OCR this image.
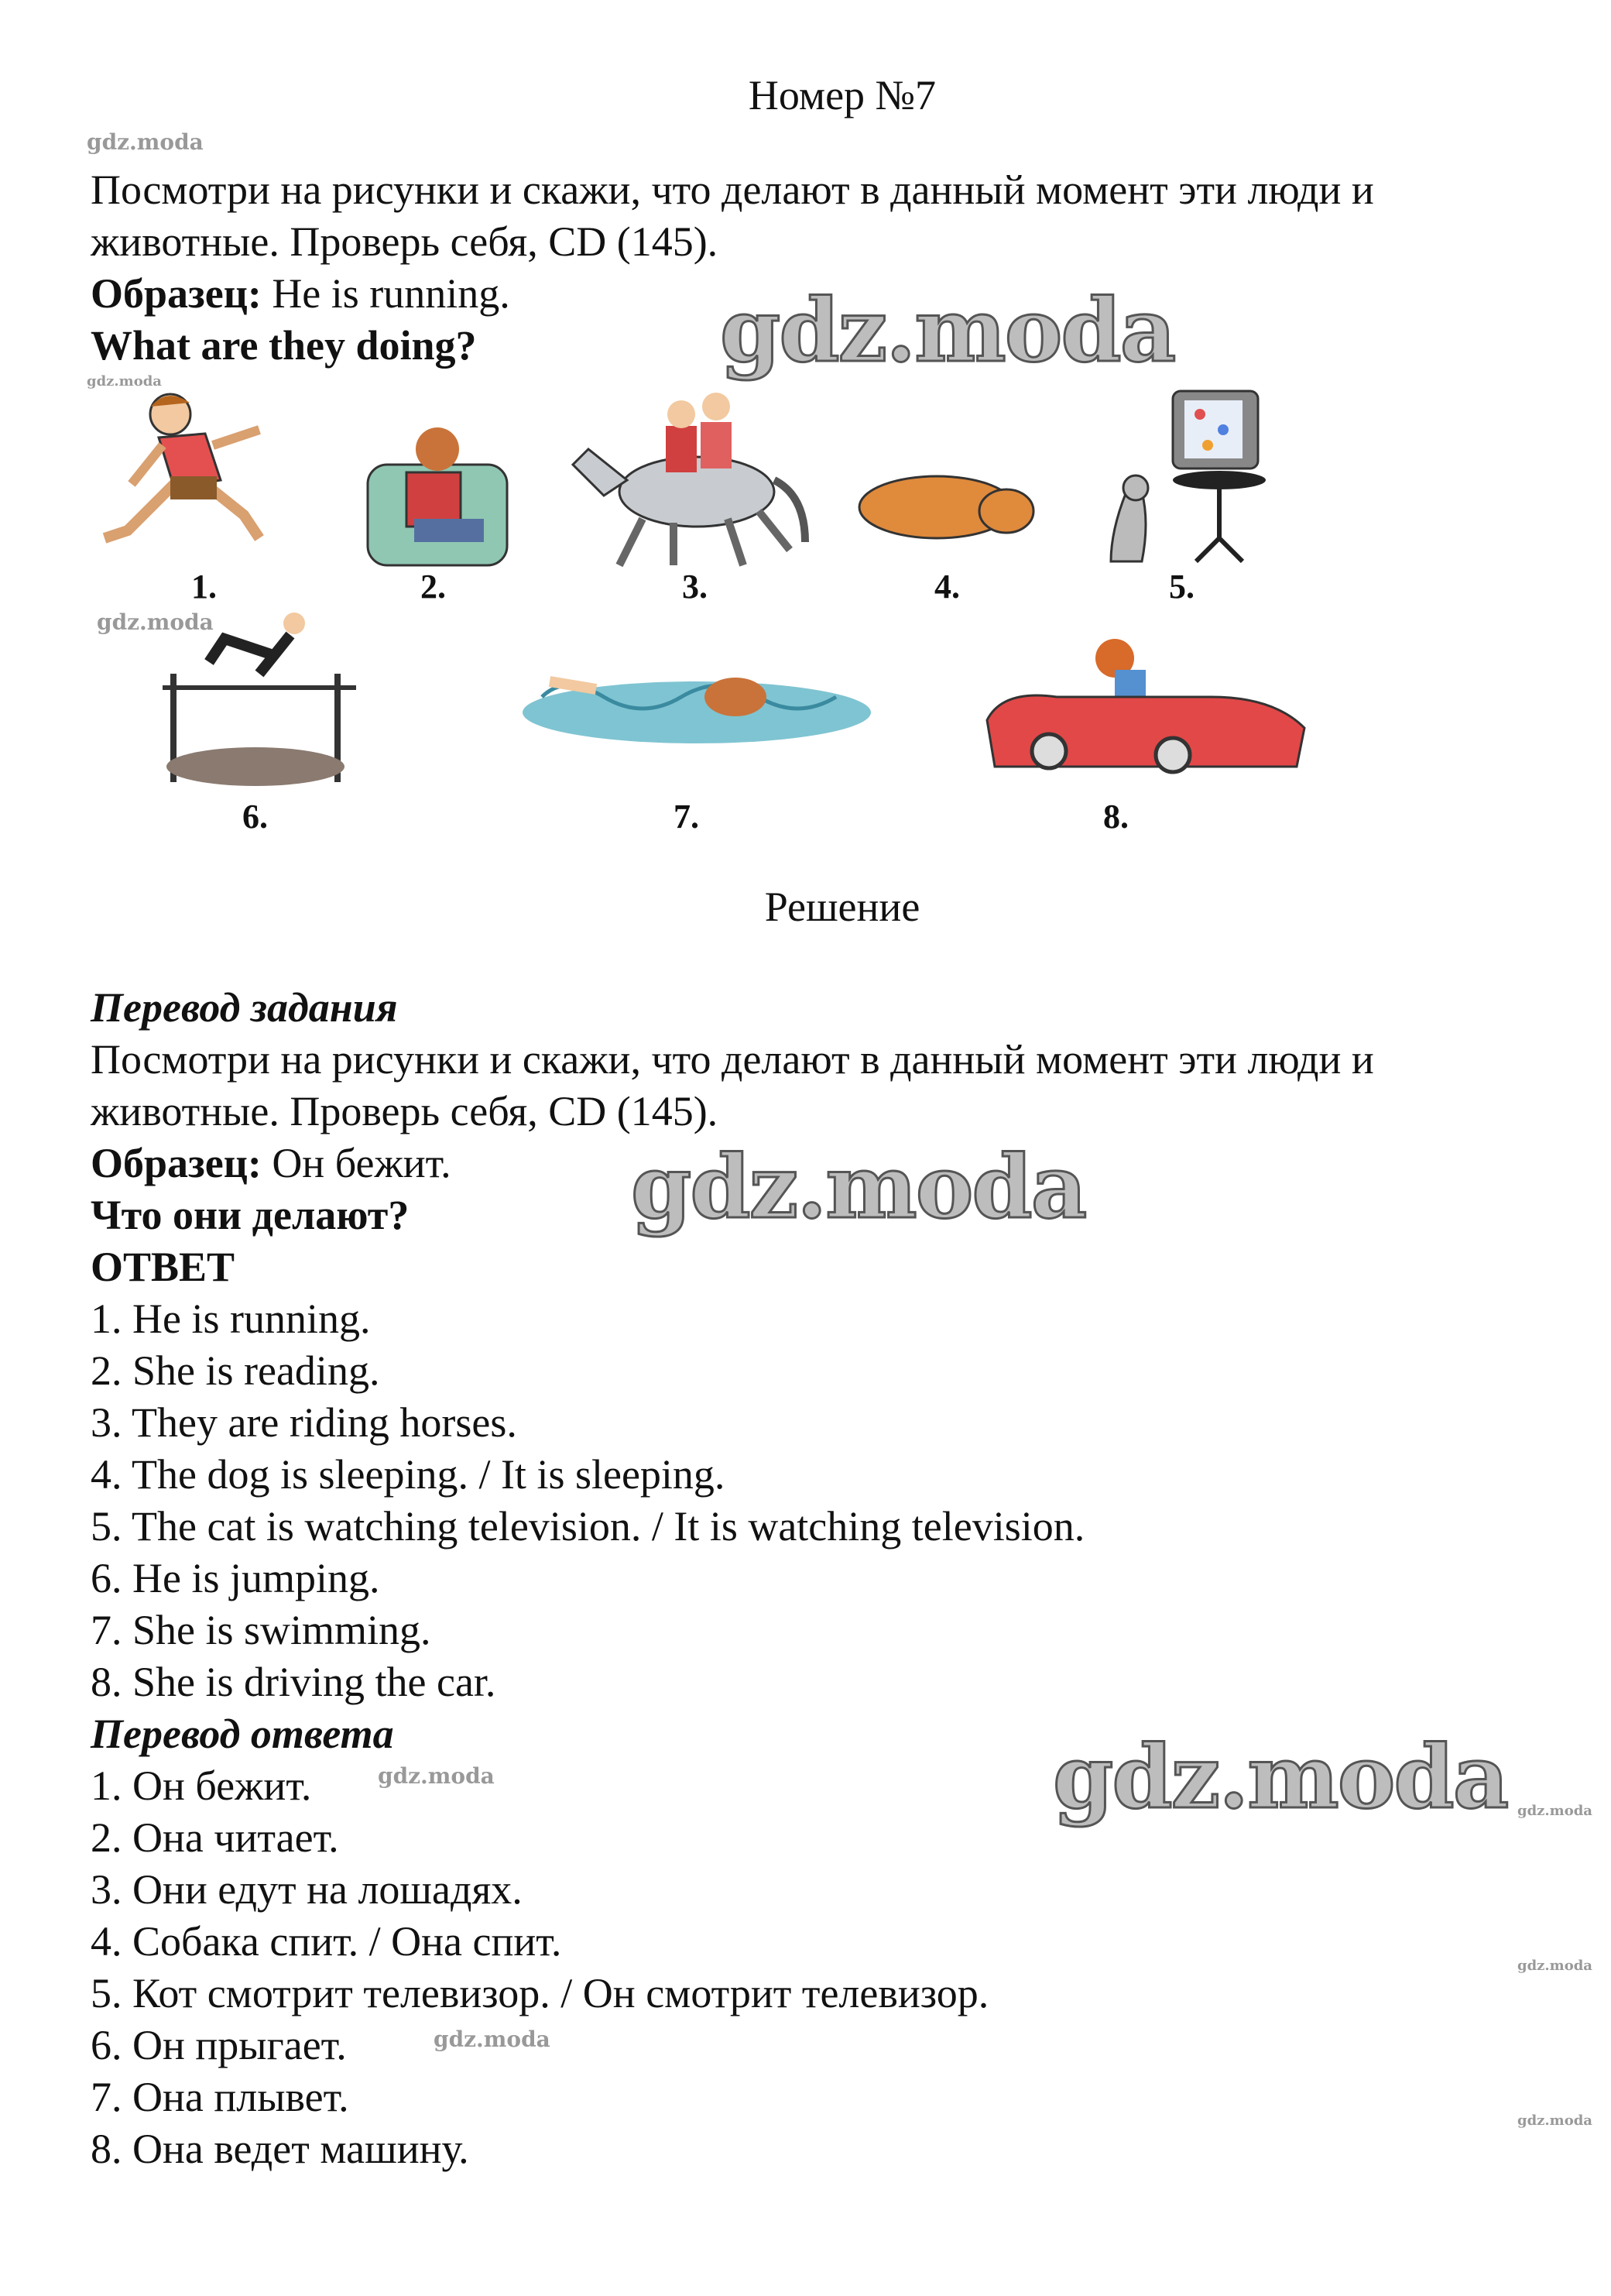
Номер №7
Посмотри на рисунки и скажи, что делают в данный момент эти люди и
животные. Проверь себя, CD (145).
Образец: He is running.
What are they doing?
1.	2.	3.	4.	5.
6.	7.	8.
Решение
Перевод задания
Посмотри на рисунки и скажи, что делают в данный момент эти люди и
животные. Проверь себя, CD (145).
Образец: Он бежит.
Что они делают?
ОТВЕТ
1. He is running.
2. She is reading.
3. They are riding horses.
4. The dog is sleeping. / It is sleeping.
5. The cat is watching television. / It is watching television.
6. He is jumping.
7. She is swimming.
8. She is driving the car.
Перевод ответа
1. Он бежит.
2. Она читает.
3. Они едут на лошадях.
4. Собака спит. / Она спит.
5. Кот смотрит телевизор. / Он смотрит телевизор.
6. Он прыгает.
7. Она плывет.
8. Она ведет машину.
gdz.moda
gdz.moda
gdz.moda
gdz.moda
gdz.moda
gdz.moda
gdz.moda
gdz.moda
gdz.moda
gdz.moda
gdz.moda
